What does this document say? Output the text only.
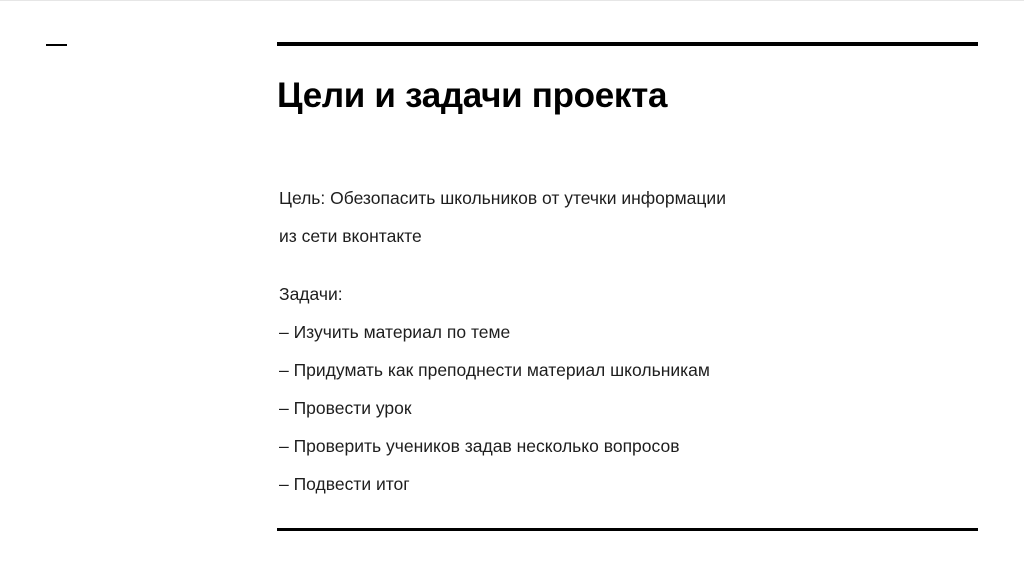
Цели и задачи проекта
Цель: Обезопасить школьников от утечки информации
из сети вконтакте
Задачи:
– Изучить материал по теме
– Придумать как преподнести материал школьникам
– Провести урок
– Проверить учеников задав несколько вопросов
– Подвести итог
